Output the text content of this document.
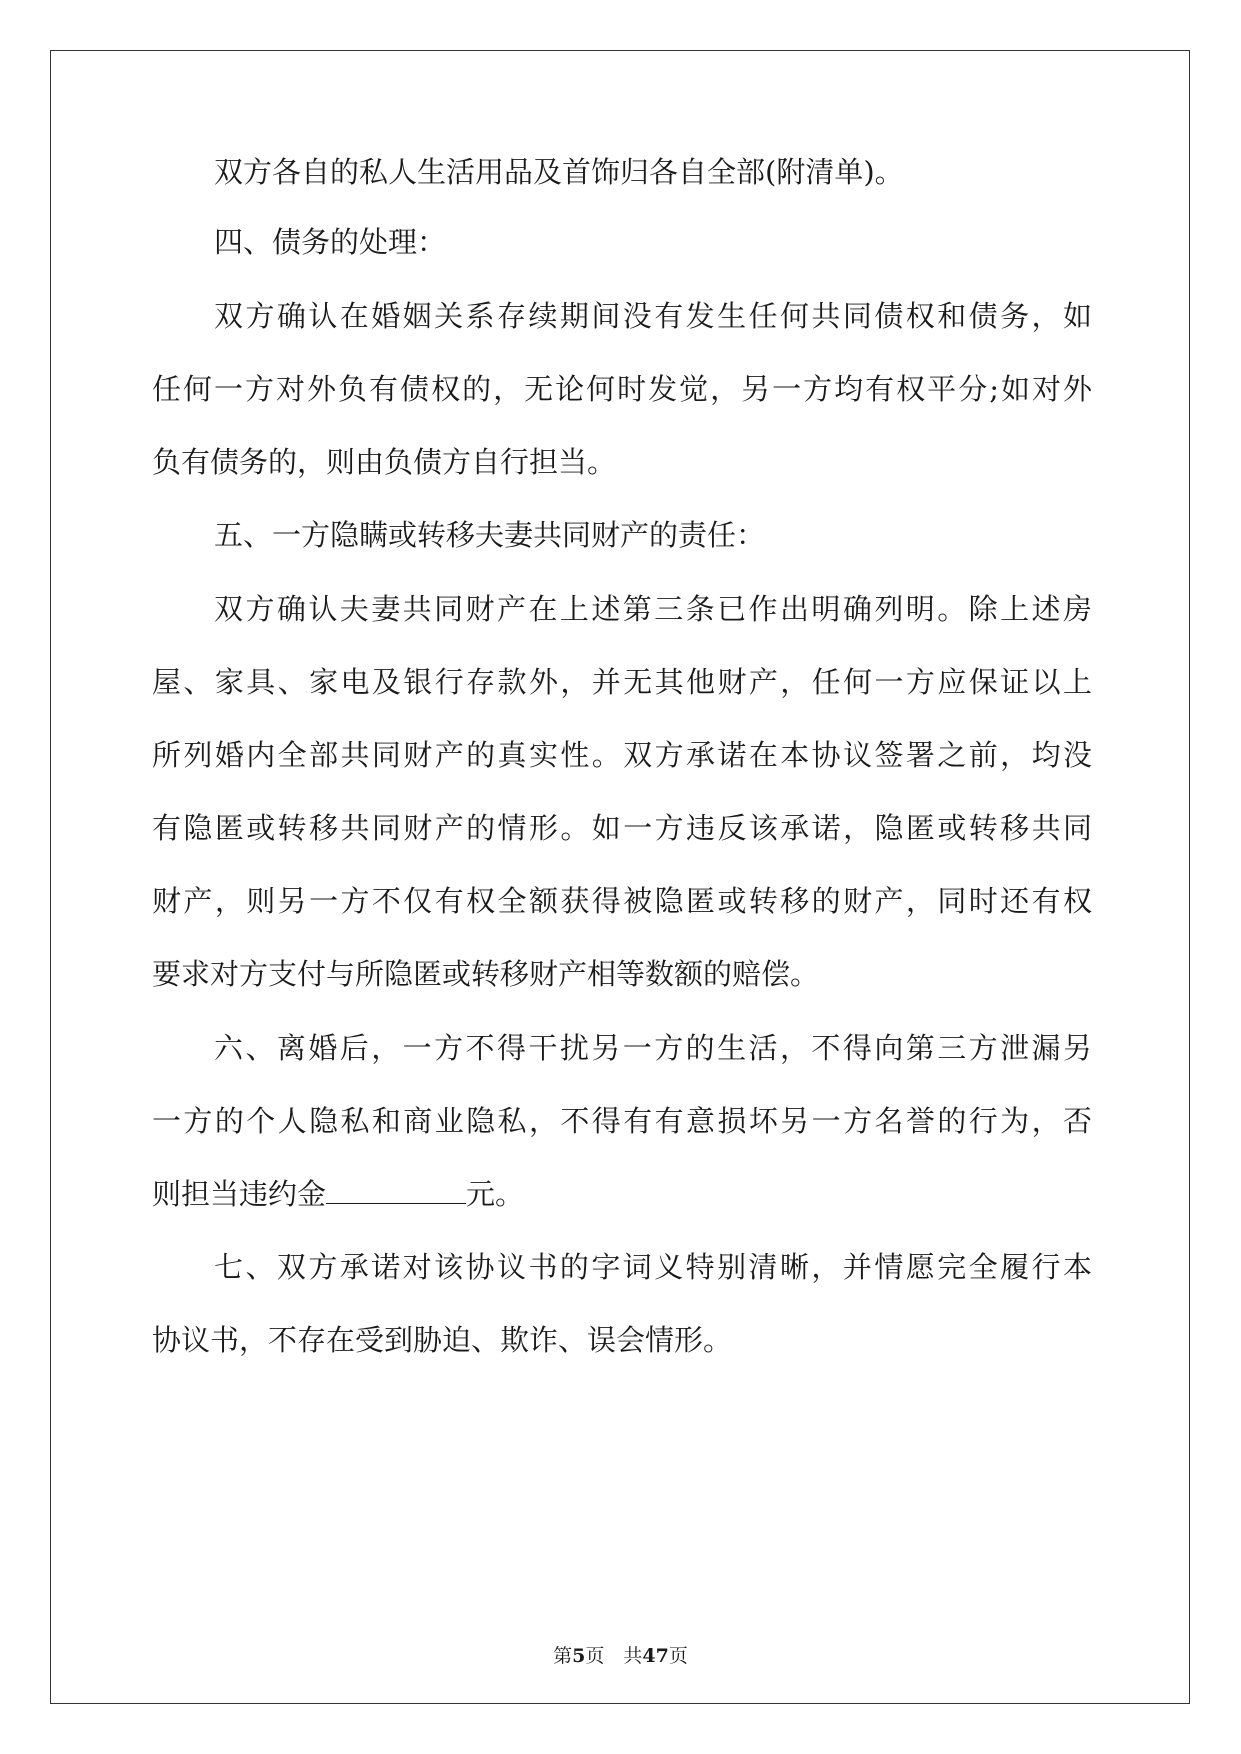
双方各自的私人生活用品及首饰归各自全部(附清单)。
四、债务的处理：
双方确认在婚姻关系存续期间没有发生任何共同债权和债务，如
任何一方对外负有债权的，无论何时发觉，另一方均有权平分;如对外
负有债务的，则由负债方自行担当。
五、一方隐瞒或转移夫妻共同财产的责任：
双方确认夫妻共同财产在上述第三条已作出明确列明。除上述房
屋、家具、家电及银行存款外，并无其他财产，任何一方应保证以上
所列婚内全部共同财产的真实性。双方承诺在本协议签署之前，均没
有隐匿或转移共同财产的情形。如一方违反该承诺，隐匿或转移共同
财产，则另一方不仅有权全额获得被隐匿或转移的财产，同时还有权
要求对方支付与所隐匿或转移财产相等数额的赔偿。
六、离婚后，一方不得干扰另一方的生活，不得向第三方泄漏另
一方的个人隐私和商业隐私，不得有有意损坏另一方名誉的行为，否
则担当违约金	元。
七、双方承诺对该协议书的字词义特别清晰，并情愿完全履行本
协议书，不存在受到胁迫、欺诈、误会情形。
第5页　共47页
